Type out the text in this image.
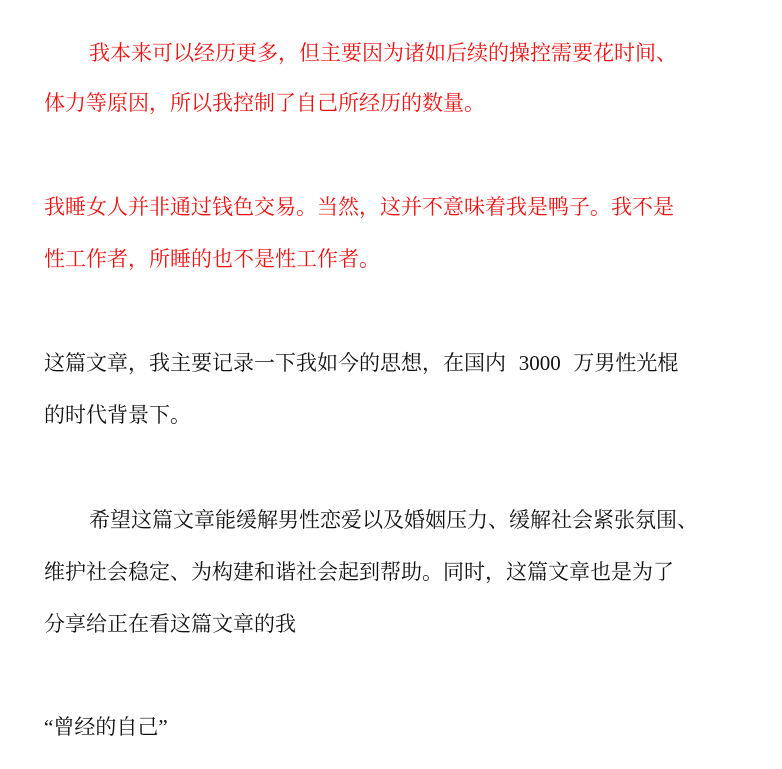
我本来可以经历更多，但主要因为诸如后续的操控需要花时间、
体力等原因，所以我控制了自己所经历的数量。
我睡女人并非通过钱色交易。当然，这并不意味着我是鸭子。我不是
性工作者，所睡的也不是性工作者。
这篇文章，我主要记录一下我如今的思想，在国内 3000 万男性光棍
的时代背景下。
希望这篇文章能缓解男性恋爱以及婚姻压力、缓解社会紧张氛围、
维护社会稳定、为构建和谐社会起到帮助。同时，这篇文章也是为了
分享给正在看这篇文章的我
“曾经的自己”
